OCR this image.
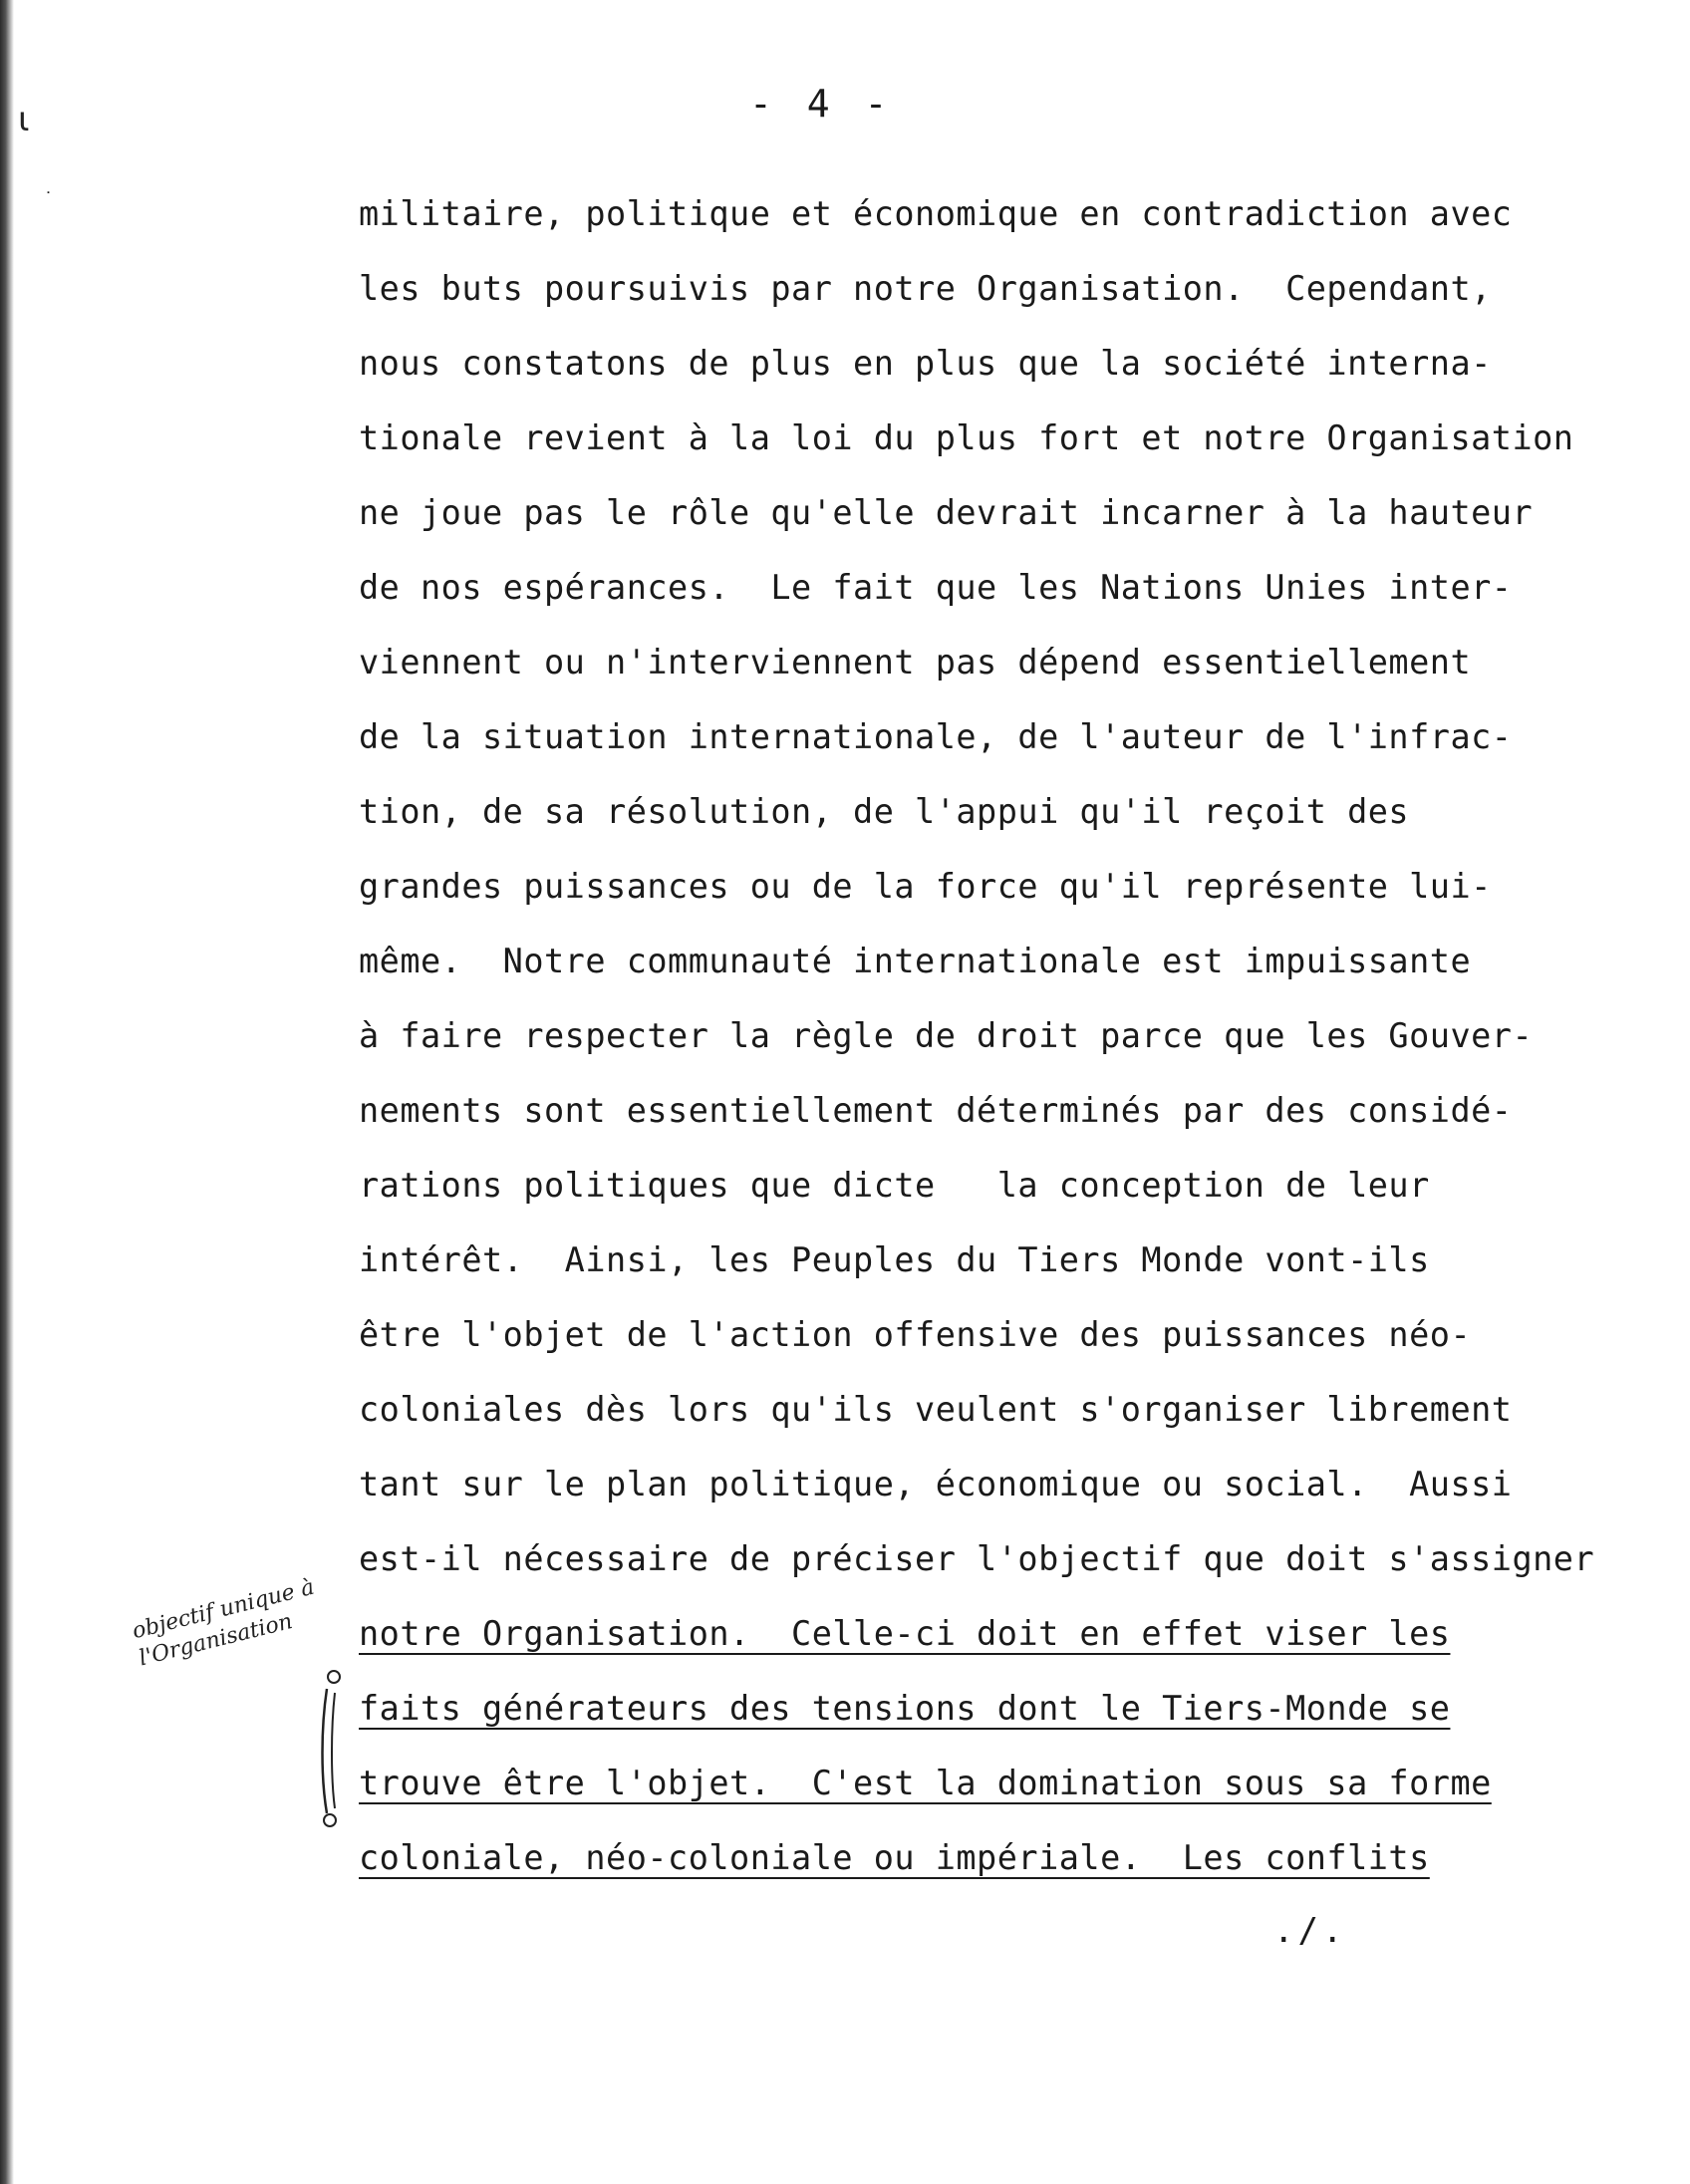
ι
˙
- 4 -
militaire, politique et économique en contradiction avec
les buts poursuivis par notre Organisation.  Cependant,
nous constatons de plus en plus que la société interna-
tionale revient à la loi du plus fort et notre Organisation
ne joue pas le rôle qu'elle devrait incarner à la hauteur
de nos espérances.  Le fait que les Nations Unies inter-
viennent ou n'interviennent pas dépend essentiellement
de la situation internationale, de l'auteur de l'infrac-
tion, de sa résolution, de l'appui qu'il reçoit des
grandes puissances ou de la force qu'il représente lui-
même.  Notre communauté internationale est impuissante
à faire respecter la règle de droit parce que les Gouver-
nements sont essentiellement déterminés par des considé-
rations politiques que dicte   la conception de leur
intérêt.  Ainsi, les Peuples du Tiers Monde vont-ils
être l'objet de l'action offensive des puissances néo-
coloniales dès lors qu'ils veulent s'organiser librement
tant sur le plan politique, économique ou social.  Aussi
est-il nécessaire de préciser l'objectif que doit s'assigner
notre Organisation.  Celle-ci doit en effet viser les
faits générateurs des tensions dont le Tiers-Monde se
trouve être l'objet.  C'est la domination sous sa forme
coloniale, néo-coloniale ou impériale.  Les conflits
./.
objectif unique à l'Organisation
